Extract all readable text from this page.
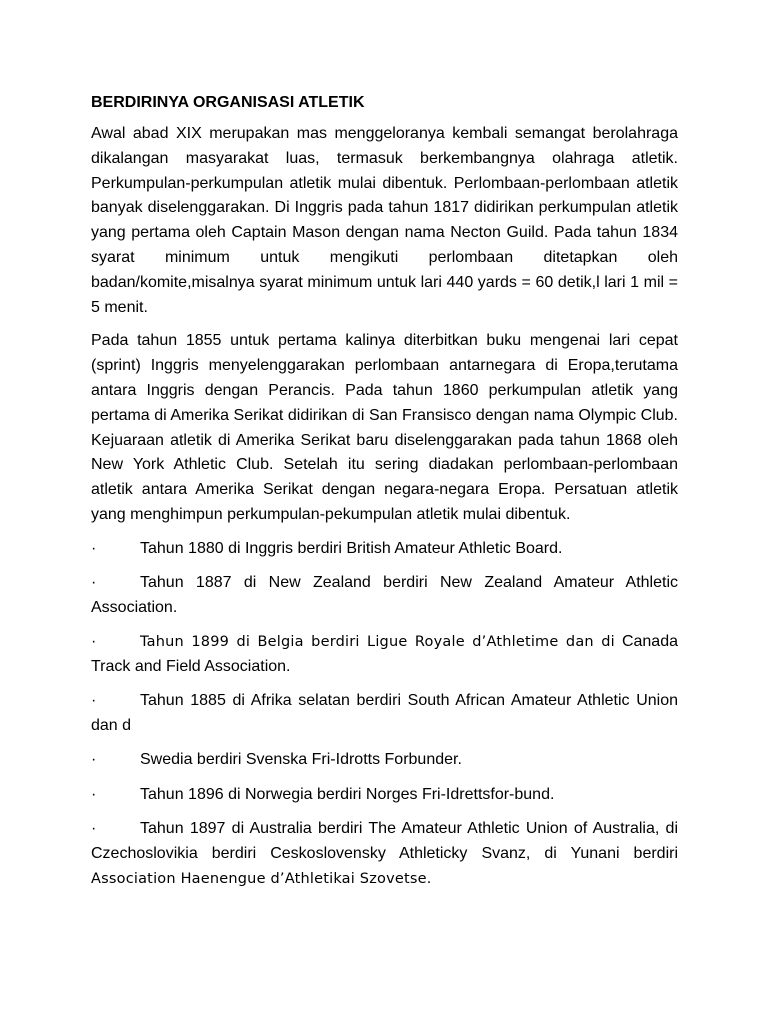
BERDIRINYA ORGANISASI ATLETIK

Awal abad XIX merupakan mas menggeloranya kembali semangat berolahraga dikalangan masyarakat luas, termasuk berkembangnya olahraga atletik. Perkumpulan-perkumpulan atletik mulai dibentuk. Perlombaan-perlombaan atletik banyak diselenggarakan. Di Inggris pada tahun 1817 didirikan perkumpulan atletik yang pertama oleh Captain Mason dengan nama Necton Guild. Pada tahun 1834 syarat minimum untuk mengikuti perlombaan ditetapkan oleh badan/komite,misalnya syarat minimum untuk lari 440 yards = 60 detik,l lari 1 mil = 5 menit.

Pada tahun 1855 untuk pertama kalinya diterbitkan buku mengenai lari cepat (sprint) Inggris menyelenggarakan perlombaan antarnegara di Eropa,terutama antara Inggris dengan Perancis. Pada tahun 1860 perkumpulan atletik yang pertama di Amerika Serikat didirikan di San Fransisco dengan nama Olympic Club. Kejuaraan atletik di Amerika Serikat baru diselenggarakan pada tahun 1868 oleh New York Athletic Club. Setelah itu sering diadakan perlombaan-perlombaan atletik antara Amerika Serikat dengan negara-negara Eropa. Persatuan atletik yang menghimpun perkumpulan-pekumpulan atletik mulai dibentuk.

·	Tahun 1880 di Inggris berdiri British Amateur Athletic Board.

·	Tahun 1887 di New Zealand berdiri New Zealand Amateur Athletic Association.

·	Tahun 1899 di Belgia berdiri Ligue Royale d’Athletime dan di Canada Track and Field Association.

·	Tahun 1885 di Afrika selatan berdiri South African Amateur Athletic Union dan d

·	Swedia berdiri Svenska Fri-Idrotts Forbunder.

·	Tahun 1896 di Norwegia berdiri Norges Fri-Idrettsfor-bund.

·	Tahun 1897 di Australia berdiri The Amateur Athletic Union of Australia, di Czechoslovikia berdiri Ceskoslovensky Athleticky Svanz, di Yunani berdiri Association Haenengue d’Athletikai Szovetse.
